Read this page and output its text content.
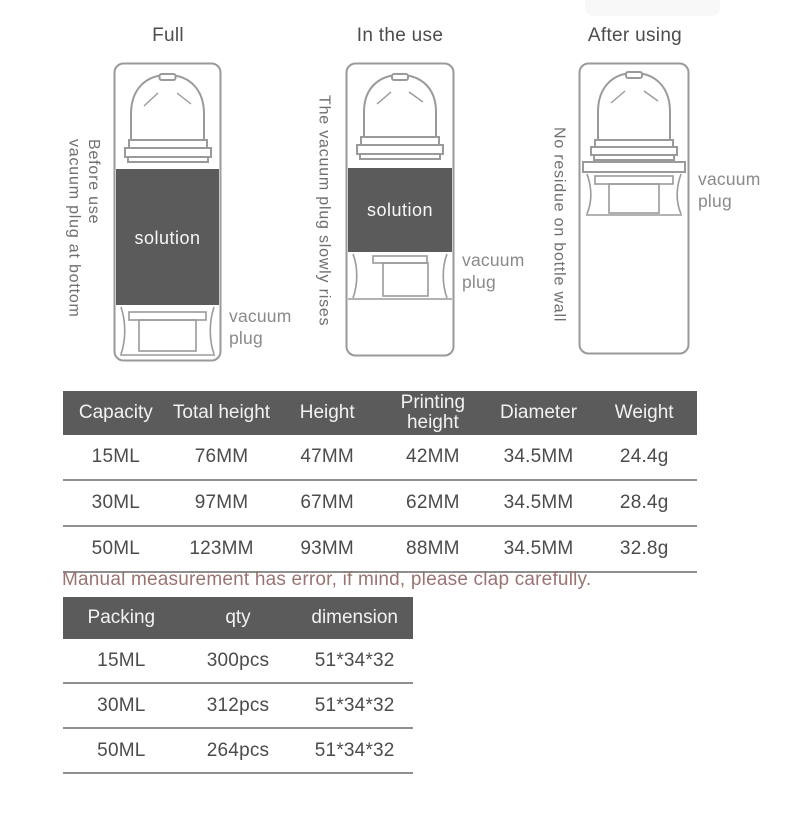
Full	In the use	After using
Before use
vacuum plug at bottom	The vacuum plug slowly rises	No residue on bottle wall
solution
vacuum plug
solution
vacuum plug
vacuum plug
Capacity	Total height	Height	Printing height	Diameter	Weight
15ML	76MM	47MM	42MM	34.5MM	24.4g
30ML	97MM	67MM	62MM	34.5MM	28.4g
50ML	123MM	93MM	88MM	34.5MM	32.8g
Manual measurement has error, if mind, please clap carefully.
Packing	qty	dimension
15ML	300pcs	51*34*32
30ML	312pcs	51*34*32
50ML	264pcs	51*34*32
